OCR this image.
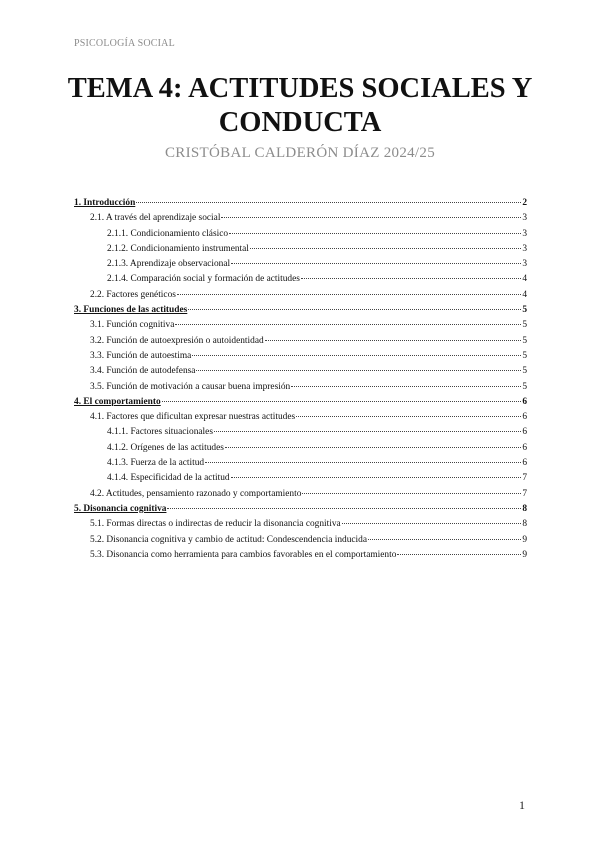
PSICOLOGÍA SOCIAL
TEMA 4: ACTITUDES SOCIALES Y
CONDUCTA
CRISTÓBAL CALDERÓN DÍAZ 2024/25
1. Introducción	2
2.1. A través del aprendizaje social	3
2.1.1. Condicionamiento clásico	3
2.1.2. Condicionamiento instrumental	3
2.1.3. Aprendizaje observacional	3
2.1.4. Comparación social y formación de actitudes	4
2.2. Factores genéticos	4
3. Funciones de las actitudes	5
3.1. Función cognitiva	5
3.2. Función de autoexpresión o autoidentidad	5
3.3. Función de autoestima	5
3.4. Función de autodefensa	5
3.5. Función de motivación a causar buena impresión	5
4. El comportamiento	6
4.1. Factores que dificultan expresar nuestras actitudes	6
4.1.1. Factores situacionales	6
4.1.2. Orígenes de las actitudes	6
4.1.3. Fuerza de la actitud	6
4.1.4. Especificidad de la actitud	7
4.2. Actitudes, pensamiento razonado y comportamiento	7
5. Disonancia cognitiva	8
5.1. Formas directas o indirectas de reducir la disonancia cognitiva	8
5.2. Disonancia cognitiva y cambio de actitud: Condescendencia inducida	9
5.3. Disonancia como herramienta para cambios favorables en el comportamiento	9
1
